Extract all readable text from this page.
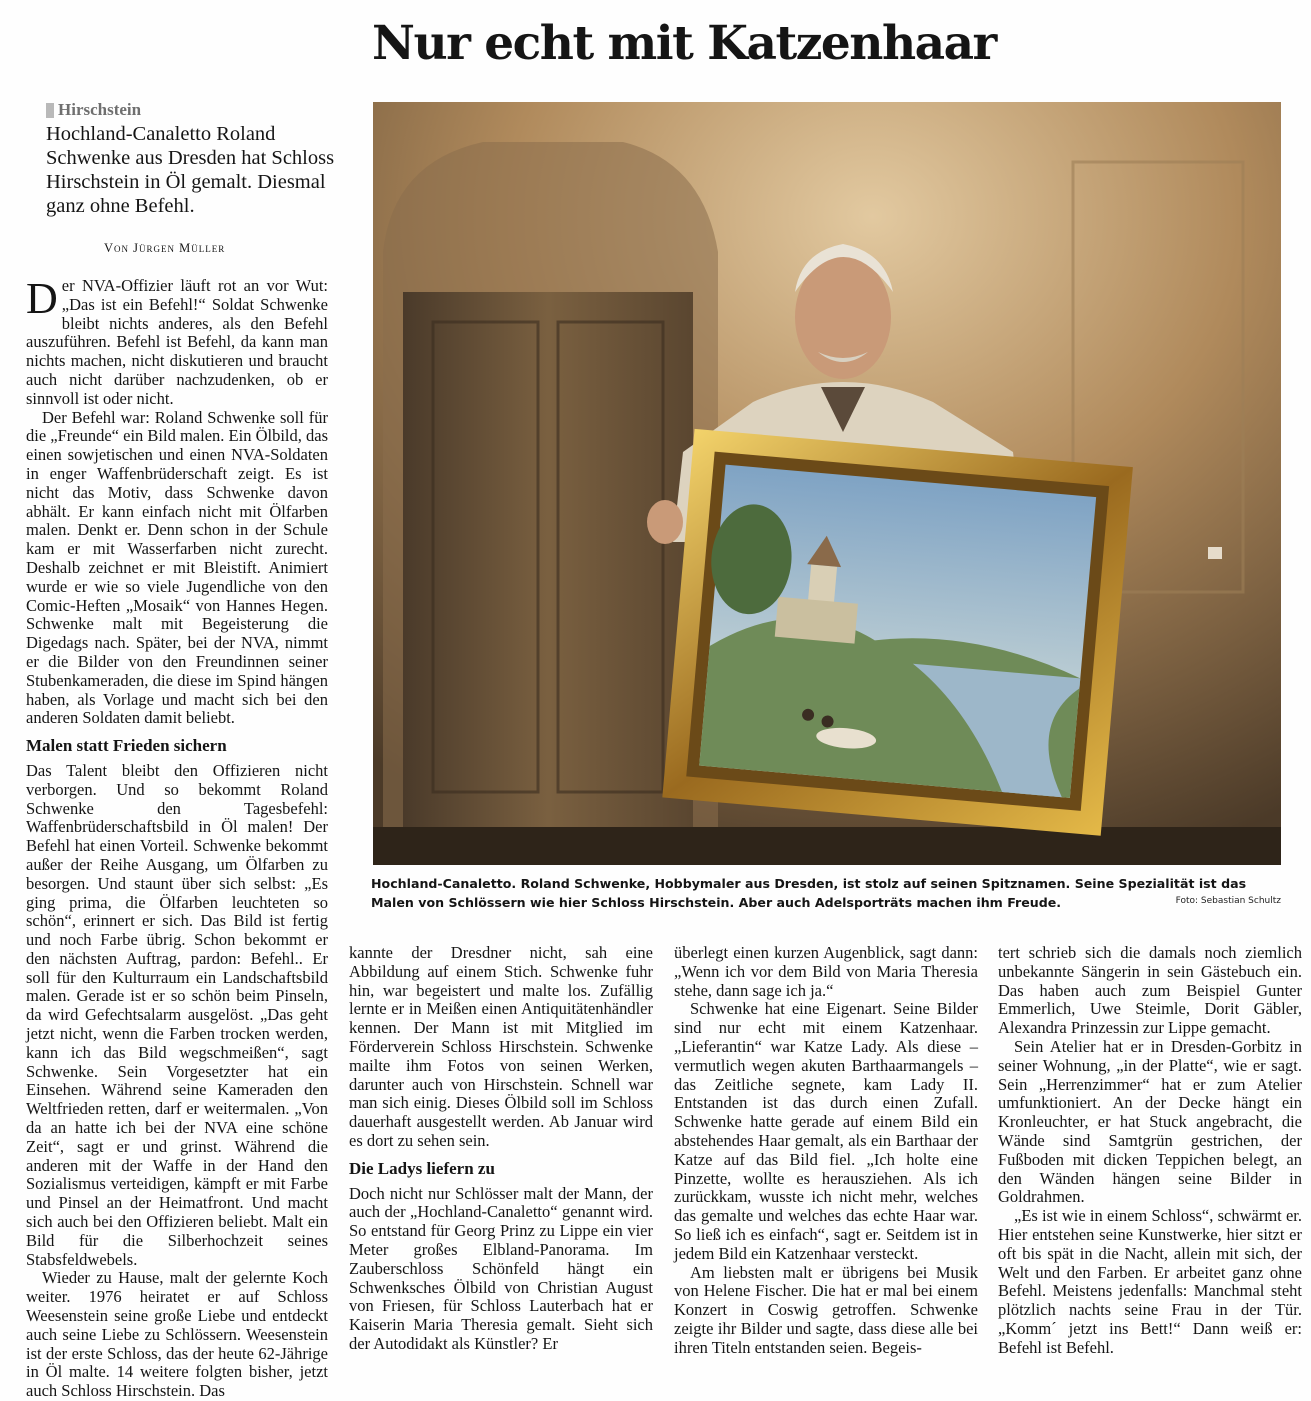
Nur echt mit Katzenhaar
Hirschstein

Hochland-Canaletto Roland Schwenke aus Dresden hat Schloss Hirschstein in Öl gemalt. Diesmal ganz ohne Befehl.

Von Jürgen Müller

Der NVA-Offizier läuft rot an vor Wut: „Das ist ein Befehl!“ Soldat Schwenke bleibt nichts anderes, als den Befehl auszuführen. Befehl ist Befehl, da kann man nichts machen, nicht diskutieren und braucht auch nicht darüber nachzudenken, ob er sinnvoll ist oder nicht.

Der Befehl war: Roland Schwenke soll für die „Freunde“ ein Bild malen. Ein Ölbild, das einen sowjetischen und einen NVA-Soldaten in enger Waffenbrüderschaft zeigt. Es ist nicht das Motiv, dass Schwenke davon abhält. Er kann einfach nicht mit Ölfarben malen. Denkt er. Denn schon in der Schule kam er mit Wasserfarben nicht zurecht. Deshalb zeichnet er mit Bleistift. Animiert wurde er wie so viele Jugendliche von den Comic-Heften „Mosaik“ von Hannes Hegen. Schwenke malt mit Begeisterung die Digedags nach. Später, bei der NVA, nimmt er die Bilder von den Freundinnen seiner Stubenkameraden, die diese im Spind hängen haben, als Vorlage und macht sich bei den anderen Soldaten damit beliebt.

Malen statt Frieden sichern

Das Talent bleibt den Offizieren nicht verborgen. Und so bekommt Roland Schwenke den Tagesbefehl: Waffenbrüderschaftsbild in Öl malen! Der Befehl hat einen Vorteil. Schwenke bekommt außer der Reihe Ausgang, um Ölfarben zu besorgen. Und staunt über sich selbst: „Es ging prima, die Ölfarben leuchteten so schön“, erinnert er sich. Das Bild ist fertig und noch Farbe übrig. Schon bekommt er den nächsten Auftrag, pardon: Befehl.. Er soll für den Kulturraum ein Landschaftsbild malen. Gerade ist er so schön beim Pinseln, da wird Gefechtsalarm ausgelöst. „Das geht jetzt nicht, wenn die Farben trocken werden, kann ich das Bild wegschmeißen“, sagt Schwenke. Sein Vorgesetzter hat ein Einsehen. Während seine Kameraden den Weltfrieden retten, darf er weitermalen. „Von da an hatte ich bei der NVA eine schöne Zeit“, sagt er und grinst. Während die anderen mit der Waffe in der Hand den Sozialismus verteidigen, kämpft er mit Farbe und Pinsel an der Heimatfront. Und macht sich auch bei den Offizieren beliebt. Malt ein Bild für die Silberhochzeit seines Stabsfeldwebels.

Wieder zu Hause, malt der gelernte Koch weiter. 1976 heiratet er auf Schloss Weesenstein seine große Liebe und entdeckt auch seine Liebe zu Schlössern. Weesenstein ist der erste Schloss, das der heute 62-Jährige in Öl malte. 14 weitere folgten bisher, jetzt auch Schloss Hirschstein. Das

Hochland-Canaletto. Roland Schwenke, Hobbymaler aus Dresden, ist stolz auf seinen Spitznamen. Seine Spezialität ist das Malen von Schlössern wie hier Schloss Hirschstein. Aber auch Adelsporträts machen ihm Freude.	Foto: Sebastian Schultz

kannte der Dresdner nicht, sah eine Abbildung auf einem Stich. Schwenke fuhr hin, war begeistert und malte los. Zufällig lernte er in Meißen einen Antiquitätenhändler kennen. Der Mann ist mit Mitglied im Förderverein Schloss Hirschstein. Schwenke mailte ihm Fotos von seinen Werken, darunter auch von Hirschstein. Schnell war man sich einig. Dieses Ölbild soll im Schloss dauerhaft ausgestellt werden. Ab Januar wird es dort zu sehen sein.

Die Ladys liefern zu

Doch nicht nur Schlösser malt der Mann, der auch der „Hochland-Canaletto“ genannt wird. So entstand für Georg Prinz zu Lippe ein vier Meter großes Elbland-Panorama. Im Zauberschloss Schönfeld hängt ein Schwenksches Ölbild von Christian August von Friesen, für Schloss Lauterbach hat er Kaiserin Maria Theresia gemalt. Sieht sich der Autodidakt als Künstler? Er

überlegt einen kurzen Augenblick, sagt dann: „Wenn ich vor dem Bild von Maria Theresia stehe, dann sage ich ja.“

Schwenke hat eine Eigenart. Seine Bilder sind nur echt mit einem Katzenhaar. „Lieferantin“ war Katze Lady. Als diese – vermutlich wegen akuten Barthaarmangels – das Zeitliche segnete, kam Lady II. Entstanden ist das durch einen Zufall. Schwenke hatte gerade auf einem Bild ein abstehendes Haar gemalt, als ein Barthaar der Katze auf das Bild fiel. „Ich holte eine Pinzette, wollte es herausziehen. Als ich zurückkam, wusste ich nicht mehr, welches das gemalte und welches das echte Haar war. So ließ ich es einfach“, sagt er. Seitdem ist in jedem Bild ein Katzenhaar versteckt.

Am liebsten malt er übrigens bei Musik von Helene Fischer. Die hat er mal bei einem Konzert in Coswig getroffen. Schwenke zeigte ihr Bilder und sagte, dass diese alle bei ihren Titeln entstanden seien. Begeis-

tert schrieb sich die damals noch ziemlich unbekannte Sängerin in sein Gästebuch ein. Das haben auch zum Beispiel Gunter Emmerlich, Uwe Steimle, Dorit Gäbler, Alexandra Prinzessin zur Lippe gemacht.

Sein Atelier hat er in Dresden-Gorbitz in seiner Wohnung, „in der Platte“, wie er sagt. Sein „Herrenzimmer“ hat er zum Atelier umfunktioniert. An der Decke hängt ein Kronleuchter, er hat Stuck angebracht, die Wände sind Samtgrün gestrichen, der Fußboden mit dicken Teppichen belegt, an den Wänden hängen seine Bilder in Goldrahmen.

„Es ist wie in einem Schloss“, schwärmt er. Hier entstehen seine Kunstwerke, hier sitzt er oft bis spät in die Nacht, allein mit sich, der Welt und den Farben. Er arbeitet ganz ohne Befehl. Meistens jedenfalls: Manchmal steht plötzlich nachts seine Frau in der Tür. „Komm´ jetzt ins Bett!“ Dann weiß er: Befehl ist Befehl.
